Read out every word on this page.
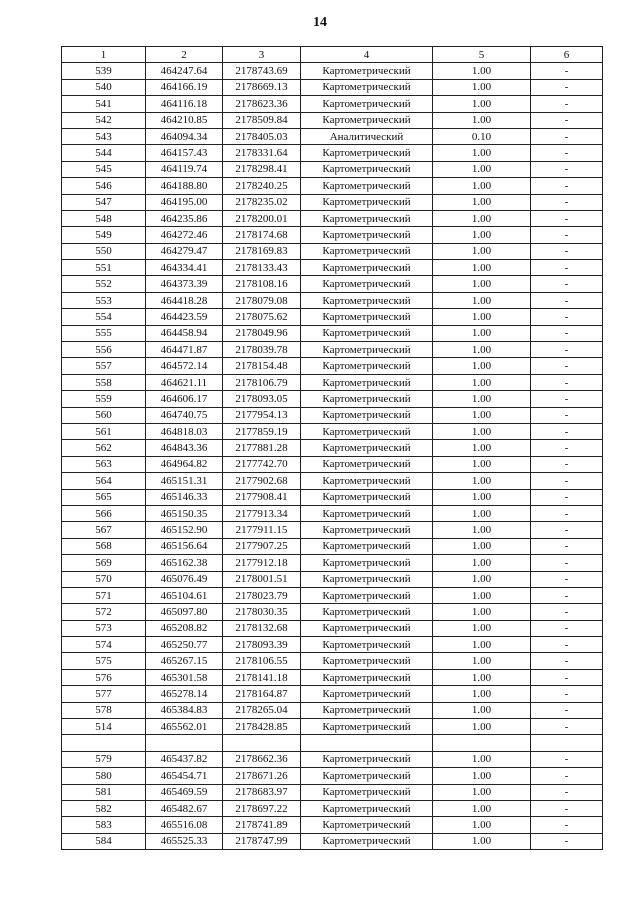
14
1	2	3	4	5	6
539	464247.64	2178743.69	Картометрический	1.00	-
540	464166.19	2178669.13	Картометрический	1.00	-
541	464116.18	2178623.36	Картометрический	1.00	-
542	464210.85	2178509.84	Картометрический	1.00	-
543	464094.34	2178405.03	Аналитический	0.10	-
544	464157.43	2178331.64	Картометрический	1.00	-
545	464119.74	2178298.41	Картометрический	1.00	-
546	464188.80	2178240.25	Картометрический	1.00	-
547	464195.00	2178235.02	Картометрический	1.00	-
548	464235.86	2178200.01	Картометрический	1.00	-
549	464272.46	2178174.68	Картометрический	1.00	-
550	464279.47	2178169.83	Картометрический	1.00	-
551	464334.41	2178133.43	Картометрический	1.00	-
552	464373.39	2178108.16	Картометрический	1.00	-
553	464418.28	2178079.08	Картометрический	1.00	-
554	464423.59	2178075.62	Картометрический	1.00	-
555	464458.94	2178049.96	Картометрический	1.00	-
556	464471.87	2178039.78	Картометрический	1.00	-
557	464572.14	2178154.48	Картометрический	1.00	-
558	464621.11	2178106.79	Картометрический	1.00	-
559	464606.17	2178093.05	Картометрический	1.00	-
560	464740.75	2177954.13	Картометрический	1.00	-
561	464818.03	2177859.19	Картометрический	1.00	-
562	464843.36	2177881.28	Картометрический	1.00	-
563	464964.82	2177742.70	Картометрический	1.00	-
564	465151.31	2177902.68	Картометрический	1.00	-
565	465146.33	2177908.41	Картометрический	1.00	-
566	465150.35	2177913.34	Картометрический	1.00	-
567	465152.90	2177911.15	Картометрический	1.00	-
568	465156.64	2177907.25	Картометрический	1.00	-
569	465162.38	2177912.18	Картометрический	1.00	-
570	465076.49	2178001.51	Картометрический	1.00	-
571	465104.61	2178023.79	Картометрический	1.00	-
572	465097.80	2178030.35	Картометрический	1.00	-
573	465208.82	2178132.68	Картометрический	1.00	-
574	465250.77	2178093.39	Картометрический	1.00	-
575	465267.15	2178106.55	Картометрический	1.00	-
576	465301.58	2178141.18	Картометрический	1.00	-
577	465278.14	2178164.87	Картометрический	1.00	-
578	465384.83	2178265.04	Картометрический	1.00	-
514	465562.01	2178428.85	Картометрический	1.00	-

579	465437.82	2178662.36	Картометрический	1.00	-
580	465454.71	2178671.26	Картометрический	1.00	-
581	465469.59	2178683.97	Картометрический	1.00	-
582	465482.67	2178697.22	Картометрический	1.00	-
583	465516.08	2178741.89	Картометрический	1.00	-
584	465525.33	2178747.99	Картометрический	1.00	-
